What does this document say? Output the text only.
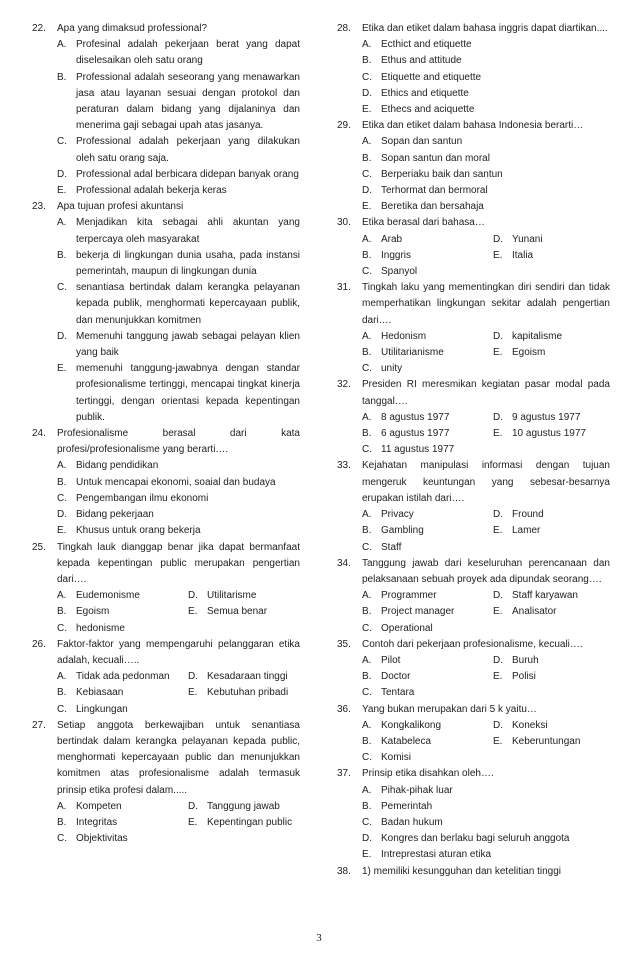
22.	Apa yang dimaksud professional?
A. Profesinal adalah pekerjaan berat yang dapat diselesaikan oleh satu orang
B. Professional adalah seseorang yang menawarkan jasa atau layanan sesuai dengan protokol dan peraturan dalam bidang yang dijalaninya dan menerima gaji sebagai upah atas jasanya.
C. Professional adalah pekerjaan yang dilakukan oleh satu orang saja.
D. Professional adal berbicara didepan banyak orang
E. Professional adalah bekerja keras
23.	Apa tujuan profesi akuntansi
A. Menjadikan kita sebagai ahli akuntan yang terpercaya oleh masyarakat
B. bekerja di lingkungan dunia usaha, pada instansi pemerintah, maupun di lingkungan dunia
C. senantiasa bertindak dalam kerangka pelayanan kepada publik, menghormati kepercayaan publik, dan menunjukkan komitmen
D. Memenuhi tanggung jawab sebagai pelayan klien yang baik
E. memenuhi tanggung-jawabnya dengan standar profesionalisme tertinggi, mencapai tingkat kinerja tertinggi, dengan orientasi kepada kepentingan publik.
24.	Profesionalisme berasal dari kata profesi/profesionalisme yang berarti….
A. Bidang pendidikan
B. Untuk mencapai ekonomi, soaial dan budaya
C. Pengembangan ilmu ekonomi
D. Bidang pekerjaan
E. Khusus untuk orang bekerja
25.	Tingkah lauk dianggap benar jika dapat bermanfaat kepada kepentingan public merupakan pengertian dari….
A. Eudemonisme	D. Utilitarisme
B. Egoism	E. Semua benar
C. hedonisme
26.	Faktor-faktor yang mempengaruhi pelanggaran etika adalah, kecuali…..
A. Tidak ada pedonman	D. Kesadaraan tinggi
B. Kebiasaan	E. Kebutuhan pribadi
C. Lingkungan
27.	Setiap anggota berkewajiban untuk senantiasa bertindak dalam kerangka pelayanan kepada public, menghormati kepercayaan public dan menunjukkan komitmen atas profesionalisme adalah termasuk prinsip etika profesi dalam.....
A. Kompeten	D. Tanggung jawab
B. Integritas	E. Kepentingan public
C. Objektivitas
28.	Etika dan etiket dalam bahasa inggris dapat diartikan....
A. Ecthict and etiquette
B. Ethus and attitude
C. Etiquette and etiquette
D. Ethics and etiquette
E. Ethecs and aciquette
29.	Etika dan etiket dalam bahasa Indonesia berarti…
A. Sopan dan santun
B. Sopan santun dan moral
C. Berperiaku baik dan santun
D. Terhormat dan bermoral
E. Beretika dan bersahaja
30.	Etika berasal dari bahasa…
A. Arab	D. Yunani
B. Inggris	E. Italia
C. Spanyol
31.	Tingkah laku yang mementingkan diri sendiri dan tidak memperhatikan lingkungan sekitar adalah pengertian dari….
A. Hedonism	D. kapitalisme
B. Utilitarianisme	E. Egoism
C. unity
32.	Presiden RI meresmikan kegiatan pasar modal pada tanggal….
A. 8 agustus 1977	D. 9 agustus 1977
B. 6 agustus 1977	E. 10 agustus 1977
C. 11 agustus 1977
33.	Kejahatan manipulasi informasi dengan tujuan mengeruk keuntungan yang sebesar-besarnya erupakan istilah dari….
A. Privacy	D. Fround
B. Gambling	E. Lamer
C. Staff
34.	Tanggung jawab dari keseluruhan perencanaan dan pelaksanaan sebuah proyek ada dipundak seorang….
A. Programmer	D. Staff karyawan
B. Project manager	E. Analisator
C. Operational
35.	Contoh dari pekerjaan profesionalisme, kecuali….
A. Pilot	D. Buruh
B. Doctor	E. Polisi
C. Tentara
36.	Yang bukan merupakan dari 5 k yaitu…
A. Kongkalikong	D. Koneksi
B. Katabeleca	E. Keberuntungan
C. Komisi
37.	Prinsip etika disahkan oleh….
A. Pihak-pihak luar
B. Pemerintah
C. Badan hukum
D. Kongres dan berlaku bagi seluruh anggota
E. Intreprestasi aturan etika
38.	1) memiliki kesungguhan dan ketelitian tinggi
3
